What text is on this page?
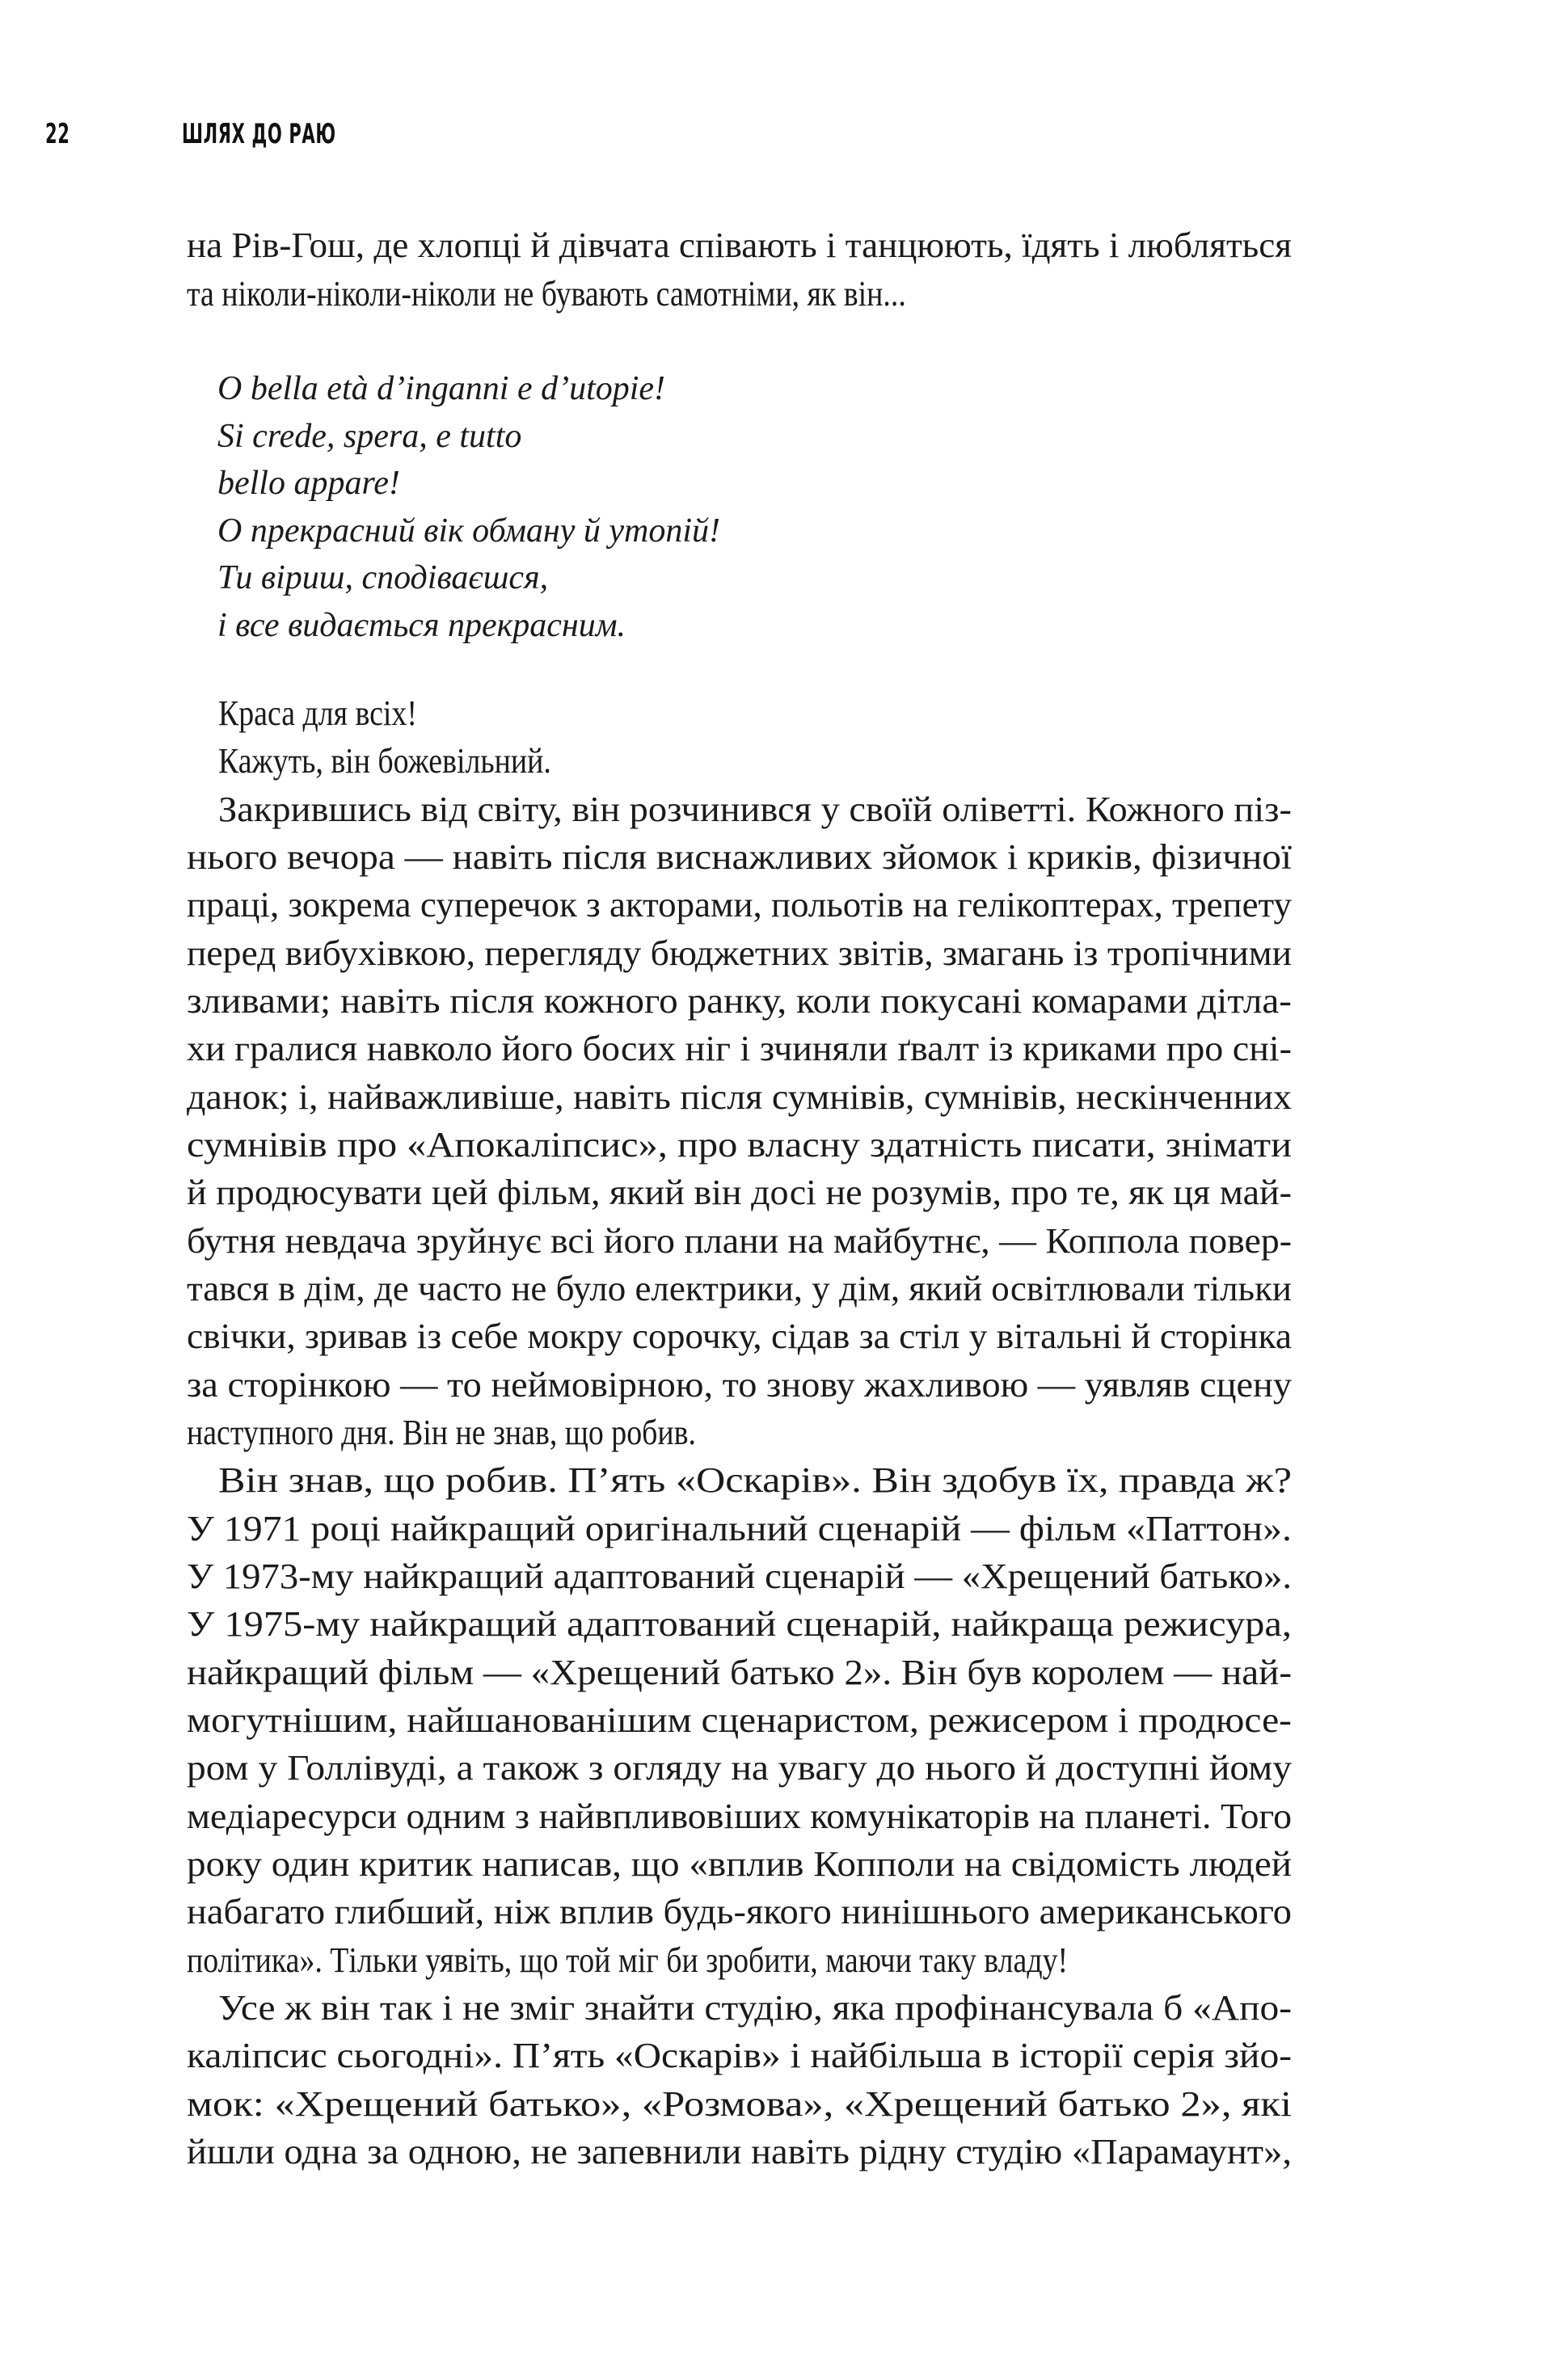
22	ШЛЯХ ДО РАЮ
на Рів-Гош, де хлопці й дівчата співають і танцюють, їдять і любляться
та ніколи-ніколи-ніколи не бувають самотніми, як він...
O bella età d’inganni e d’utopie!
Si crede, spera, e tutto
bello appare!
О прекрасний вік обману й утопій!
Ти віриш, сподіваєшся,
і все видається прекрасним.
Краса для всіх!
Кажуть, він божевільний.
Закрившись від світу, він розчинився у своїй оліветті. Кожного піз-
нього вечора — навіть після виснажливих зйомок і криків, фізичної
праці, зокрема суперечок з акторами, польотів на гелікоптерах, трепету
перед вибухівкою, перегляду бюджетних звітів, змагань із тропічними
зливами; навіть після кожного ранку, коли покусані комарами дітла-
хи гралися навколо його босих ніг і зчиняли ґвалт із криками про сні-
данок; і, найважливіше, навіть після сумнівів, сумнівів, нескінченних
сумнівів про «Апокаліпсис», про власну здатність писати, знімати
й продюсувати цей фільм, який він досі не розумів, про те, як ця май-
бутня невдача зруйнує всі його плани на майбутнє, — Коппола повер-
тався в дім, де часто не було електрики, у дім, який освітлювали тільки
свічки, зривав із себе мокру сорочку, сідав за стіл у вітальні й сторінка
за сторінкою — то неймовірною, то знову жахливою — уявляв сцену
наступного дня. Він не знав, що робив.
Він знав, що робив. П’ять «Оскарів». Він здобув їх, правда ж?
У 1971 році найкращий оригінальний сценарій — фільм «Паттон».
У 1973-му найкращий адаптований сценарій — «Хрещений батько».
У 1975-му найкращий адаптований сценарій, найкраща режисура,
найкращий фільм — «Хрещений батько 2». Він був королем — най-
могутнішим, найшанованішим сценаристом, режисером і продюсе-
ром у Голлівуді, а також з огляду на увагу до нього й доступні йому
медіаресурси одним з найвпливовіших комунікаторів на планеті. Того
року один критик написав, що «вплив Копполи на свідомість людей
набагато глибший, ніж вплив будь-якого нинішнього американського
політика». Тільки уявіть, що той міг би зробити, маючи таку владу!
Усе ж він так і не зміг знайти студію, яка профінансувала б «Апо-
каліпсис сьогодні». П’ять «Оскарів» і найбільша в історії серія зйо-
мок: «Хрещений батько», «Розмова», «Хрещений батько 2», які
йшли одна за одною, не запевнили навіть рідну студію «Парамаунт»,
